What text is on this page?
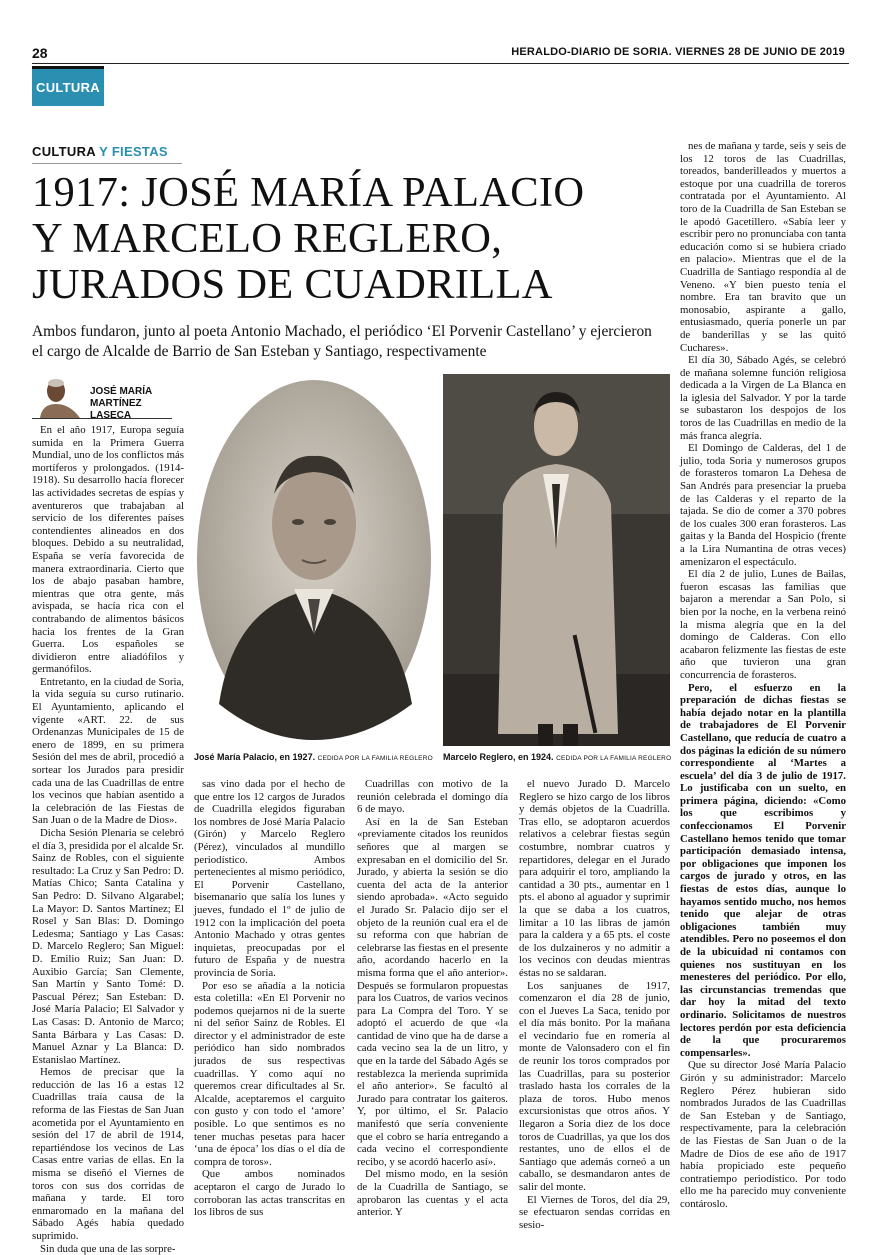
28	HERALDO-DIARIO DE SORIA. VIERNES 28 DE JUNIO DE 2019
CULTURA
CULTURA Y FIESTAS
1917: JOSÉ MARÍA PALACIO
Y MARCELO REGLERO,
JURADOS DE CUADRILLA
Ambos fundaron, junto al poeta Antonio Machado, el periódico ‘El Porvenir Castellano’ y ejercieron el cargo de Alcalde de Barrio de San Esteban y Santiago, respectivamente
JOSÉ MARÍA
MARTÍNEZ LASECA
José María Palacio, en 1927. CEDIDA POR LA FAMILIA REGLERO Marcelo Reglero, en 1924. CEDIDA POR LA FAMILIA REGLERO

En el año 1917, Europa seguía sumida en la Primera Guerra Mundial, uno de los conflictos más mortíferos y prolongados. (1914-1918). Su desarrollo hacía florecer las actividades secretas de espías y aventureros que trabajaban al servicio de los diferentes países contendientes alineados en dos bloques. Debido a su neutralidad, España se vería favorecida de manera extraordinaria. Cierto que los de abajo pasaban hambre, mientras que otra gente, más avispada, se hacía rica con el contrabando de alimentos básicos hacia los frentes de la Gran Guerra. Los españoles se dividieron entre aliadófilos y germanófilos.

Entretanto, en la ciudad de Soria, la vida seguía su curso rutinario. El Ayuntamiento, aplicando el vigente «ART. 22. de sus Ordenanzas Municipales de 15 de enero de 1899, en su primera Sesión del mes de abril, procedió a sortear los Jurados para presidir cada una de las Cuadrillas de entre los vecinos que habían asentido a la celebración de las Fiestas de San Juan o de la Madre de Dios».

Dicha Sesión Plenaria se celebró el día 3, presidida por el alcalde Sr. Sainz de Robles, con el siguiente resultado: La Cruz y San Pedro: D. Matías Chico; Santa Catalina y San Pedro: D. Silvano Algarabel; La Mayor: D. Santos Martínez; El Rosel y San Blas: D. Domingo Ledesma; Santiago y Las Casas: D. Marcelo Reglero; San Miguel: D. Emilio Ruiz; San Juan: D. Auxibio García; San Clemente, San Martín y Santo Tomé: D. Pascual Pérez; San Esteban: D. José María Palacio; El Salvador y Las Casas: D. Antonio de Marco; Santa Bárbara y Las Casas: D. Manuel Aznar y La Blanca: D. Estanislao Martínez.

Hemos de precisar que la reducción de las 16 a estas 12 Cuadrillas traía causa de la reforma de las Fiestas de San Juan acometida por el Ayuntamiento en sesión del 17 de abril de 1914, repartiéndose los vecinos de Las Casas entre varias de ellas. En la misma se diseñó el Viernes de toros con sus dos corridas de mañana y tarde. El toro enmaromado en la mañana del Sábado Agés había quedado suprimido.

Sin duda que una de las sorpre-

sas vino dada por el hecho de que entre los 12 cargos de Jurados de Cuadrilla elegidos figuraban los nombres de José María Palacio (Girón) y Marcelo Reglero (Pérez), vinculados al mundillo periodístico. Ambos pertenecientes al mismo periódico, El Porvenir Castellano, bisemanario que salía los lunes y jueves, fundado el 1º de julio de 1912 con la implicación del poeta Antonio Machado y otras gentes inquietas, preocupadas por el futuro de España y de nuestra provincia de Soria.

Por eso se añadía a la noticia esta coletilla: «En El Porvenir no podemos quejarnos ni de la suerte ni del señor Sainz de Robles. El director y el administrador de este periódico han sido nombrados jurados de sus respectivas cuadrillas. Y como aquí no queremos crear dificultades al Sr. Alcalde, aceptaremos el carguito con gusto y con todo el ‘amore’ posible. Lo que sentimos es no tener muchas pesetas para hacer ‘una de época’ los días o el día de compra de toros».

Que ambos nominados aceptaron el cargo de Jurado lo corroboran las actas transcritas en los libros de sus

Cuadrillas con motivo de la reunión celebrada el domingo día 6 de mayo.

Así en la de San Esteban «previamente citados los reunidos señores que al margen se expresaban en el domicilio del Sr. Jurado, y abierta la sesión se dio cuenta del acta de la anterior siendo aprobada». «Acto seguido el Jurado Sr. Palacio dijo ser el objeto de la reunión cual era el de su reforma con que habrían de celebrarse las fiestas en el presente año, acordando hacerlo en la misma forma que el año anterior». Después se formularon propuestas para los Cuatros, de varios vecinos para La Compra del Toro. Y se adoptó el acuerdo de que «la cantidad de vino que ha de darse a cada vecino sea la de un litro, y que en la tarde del Sábado Agés se restablezca la merienda suprimida el año anterior». Se facultó al Jurado para contratar los gaiteros. Y, por último, el Sr. Palacio manifestó que sería conveniente que el cobro se haría entregando a cada vecino el correspondiente recibo, y se acordó hacerlo así».

Del mismo modo, en la sesión de la Cuadrilla de Santiago, se aprobaron las cuentas y el acta anterior. Y

el nuevo Jurado D. Marcelo Reglero se hizo cargo de los libros y demás objetos de la Cuadrilla. Tras ello, se adoptaron acuerdos relativos a celebrar fiestas según costumbre, nombrar cuatros y repartidores, delegar en el Jurado para adquirir el toro, ampliando la cantidad a 30 pts., aumentar en 1 pts. el abono al aguador y suprimir la que se daba a los cuatros, limitar a 10 las libras de jamón para la caldera y a 65 pts. el coste de los dulzaineros y no admitir a los vecinos con deudas mientras éstas no se saldaran.

Los sanjuanes de 1917, comenzaron el día 28 de junio, con el Jueves La Saca, tenido por el día más bonito. Por la mañana el vecindario fue en romería al monte de Valonsadero con el fin de reunir los toros comprados por las Cuadrillas, para su posterior traslado hasta los corrales de la plaza de toros. Hubo menos excursionistas que otros años. Y llegaron a Soria diez de los doce toros de Cuadrillas, ya que los dos restantes, uno de ellos el de Santiago que además corneó a un caballo, se desmandaron antes de salir del monte.

El Viernes de Toros, del día 29, se efectuaron sendas corridas en sesio-

nes de mañana y tarde, seis y seis de los 12 toros de las Cuadrillas, toreados, banderilleados y muertos a estoque por una cuadrilla de toreros contratada por el Ayuntamiento. Al toro de la Cuadrilla de San Esteban se le apodó Gacetillero. «Sabía leer y escribir pero no pronunciaba con tanta educación como si se hubiera criado en palacio». Mientras que el de la Cuadrilla de Santiago respondía al de Veneno. «Y bien puesto tenía el nombre. Era tan bravito que un monosabio, aspirante a gallo, entusiasmado, quería ponerle un par de banderillas y se las quitó Cuchares».

El día 30, Sábado Agés, se celebró de mañana solemne función religiosa dedicada a la Virgen de La Blanca en la iglesia del Salvador. Y por la tarde se subastaron los despojos de los toros de las Cuadrillas en medio de la más franca alegría.

El Domingo de Calderas, del 1 de julio, toda Soria y numerosos grupos de forasteros tomaron La Dehesa de San Andrés para presenciar la prueba de las Calderas y el reparto de la tajada. Se dio de comer a 370 pobres de los cuales 300 eran forasteros. Las gaitas y la Banda del Hospicio (frente a la Lira Numantina de otras veces) amenizaron el espectáculo.

El día 2 de julio, Lunes de Bailas, fueron escasas las familias que bajaron a merendar a San Polo, si bien por la noche, en la verbena reinó la misma alegría que en la del domingo de Calderas. Con ello acabaron felizmente las fiestas de este año que tuvieron una gran concurrencia de forasteros.

Pero, el esfuerzo en la preparación de dichas fiestas se había dejado notar en la plantilla de trabajadores de El Porvenir Castellano, que reducía de cuatro a dos páginas la edición de su número correspondiente al ‘Martes a escuela’ del día 3 de julio de 1917. Lo justificaba con un suelto, en primera página, diciendo: «Como los que escribimos y confeccionamos El Porvenir Castellano hemos tenido que tomar participación demasiado intensa, por obligaciones que imponen los cargos de jurado y otros, en las fiestas de estos días, aunque lo hayamos sentido mucho, nos hemos tenido que alejar de otras obligaciones también muy atendibles. Pero no poseemos el don de la ubicuidad ni contamos con quienes nos sustituyan en los menesteres del periódico. Por ello, las circunstancias tremendas que dar hoy la mitad del texto ordinario. Solicitamos de nuestros lectores perdón por esta deficiencia de la que procuraremos compensarles».

Que su director José María Palacio Girón y su administrador: Marcelo Reglero Pérez hubieran sido nombrados Jurados de las Cuadrillas de San Esteban y de Santiago, respectivamente, para la celebración de las Fiestas de San Juan o de la Madre de Dios de ese año de 1917 había propiciado este pequeño contratiempo periodístico. Por todo ello me ha parecido muy conveniente contároslo.
